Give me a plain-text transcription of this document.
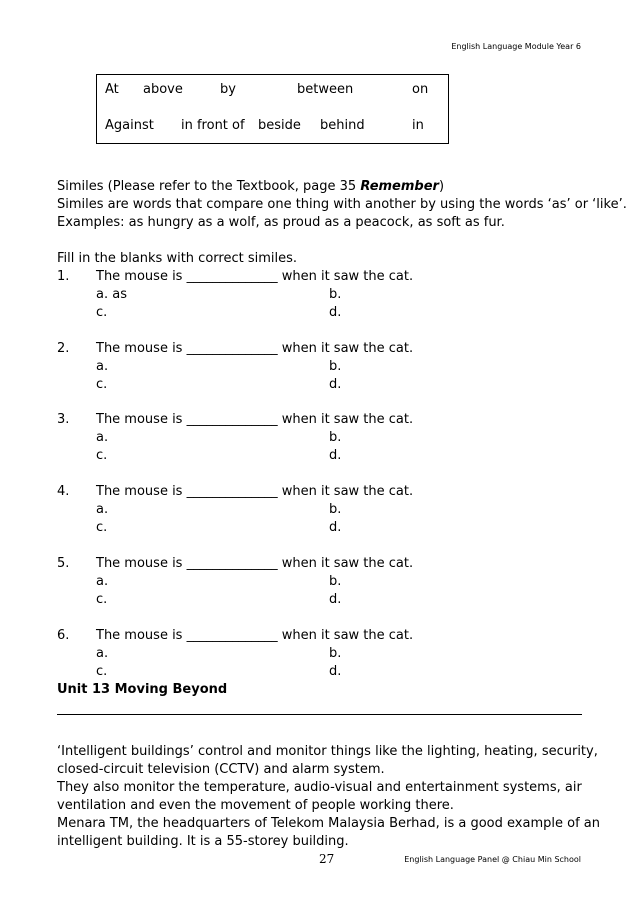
English Language Module Year 6
At above	by	between	on
Against in front of beside behind	in
Similes (Please refer to the Textbook, page 35 Remember)
Similes are words that compare one thing with another by using the words ‘as’ or ‘like’.
Examples: as hungry as a wolf, as proud as a peacock, as soft as fur.
Fill in the blanks with correct similes.
1. The mouse is ______________ when it saw the cat.
a. as	b.
c.	d.
2. The mouse is ______________ when it saw the cat.
a.	b.
c.	d.
3. The mouse is ______________ when it saw the cat.
a.	b.
c.	d.
4. The mouse is ______________ when it saw the cat.
a.	b.
c.	d.
5. The mouse is ______________ when it saw the cat.
a.	b.
c.	d.
6. The mouse is ______________ when it saw the cat.
a.	b.
c.	d.
Unit 13 Moving Beyond
‘Intelligent buildings’ control and monitor things like the lighting, heating, security,
closed-circuit television (CCTV) and alarm system.
They also monitor the temperature, audio-visual and entertainment systems, air
ventilation and even the movement of people working there.
Menara TM, the headquarters of Telekom Malaysia Berhad, is a good example of an
intelligent building. It is a 55-storey building.
27	English Language Panel @ Chiau Min School
